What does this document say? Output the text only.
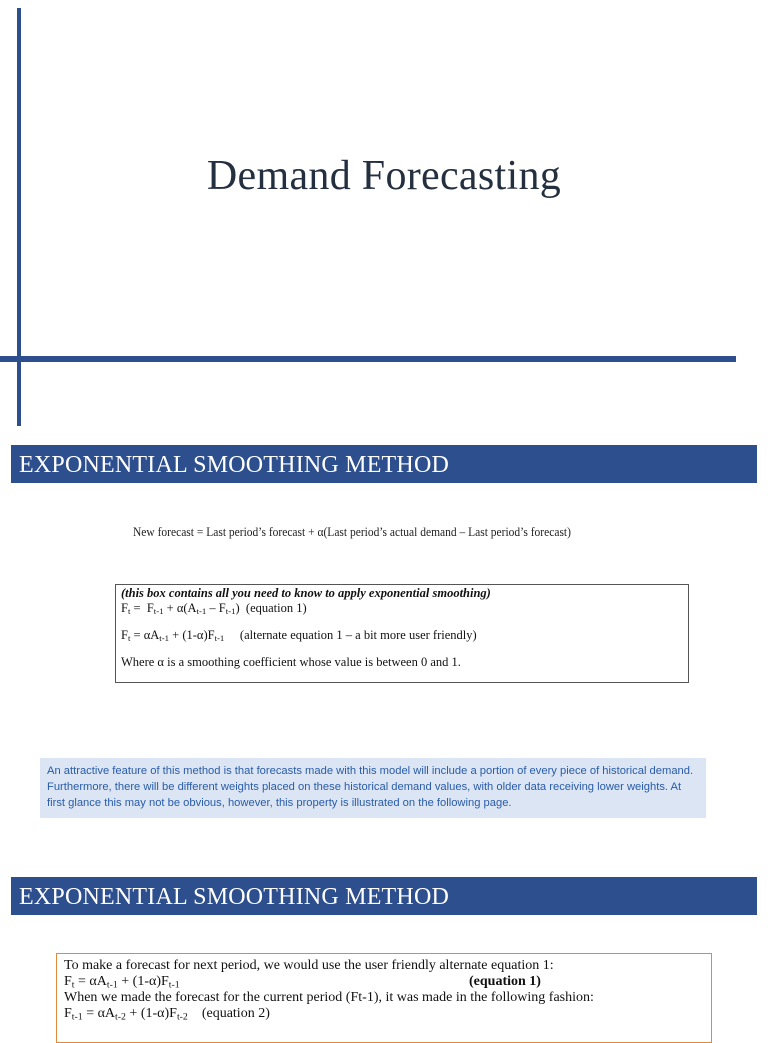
Demand Forecasting
EXPONENTIAL SMOOTHING METHOD
New forecast = Last period’s forecast + α(Last period’s actual demand – Last period’s forecast)
(this box contains all you need to know to apply exponential smoothing)
$F_t = F_{t-1} + \alpha(A_{t-1} - F_{t-1})$  (equation 1)
$F_t = \alpha A_{t-1} + (1-\alpha)F_{t-1}$ (alternate equation 1 – a bit more user friendly)
Where α is a smoothing coefficient whose value is between 0 and 1.
An attractive feature of this method is that forecasts made with this model will include a portion of every piece of historical demand. Furthermore, there will be different weights placed on these historical demand values, with older data receiving lower weights. At first glance this may not be obvious, however, this property is illustrated on the following page.
EXPONENTIAL SMOOTHING METHOD
To make a forecast for next period, we would use the user friendly alternate equation 1:
$F_t = \alpha A_{t-1} + (1-\alpha)F_{t-1}$	(equation 1)
When we made the forecast for the current period (Ft-1), it was made in the following fashion:
$F_{t-1} = \alpha A_{t-2} + (1-\alpha)F_{t-2}$ (equation 2)
